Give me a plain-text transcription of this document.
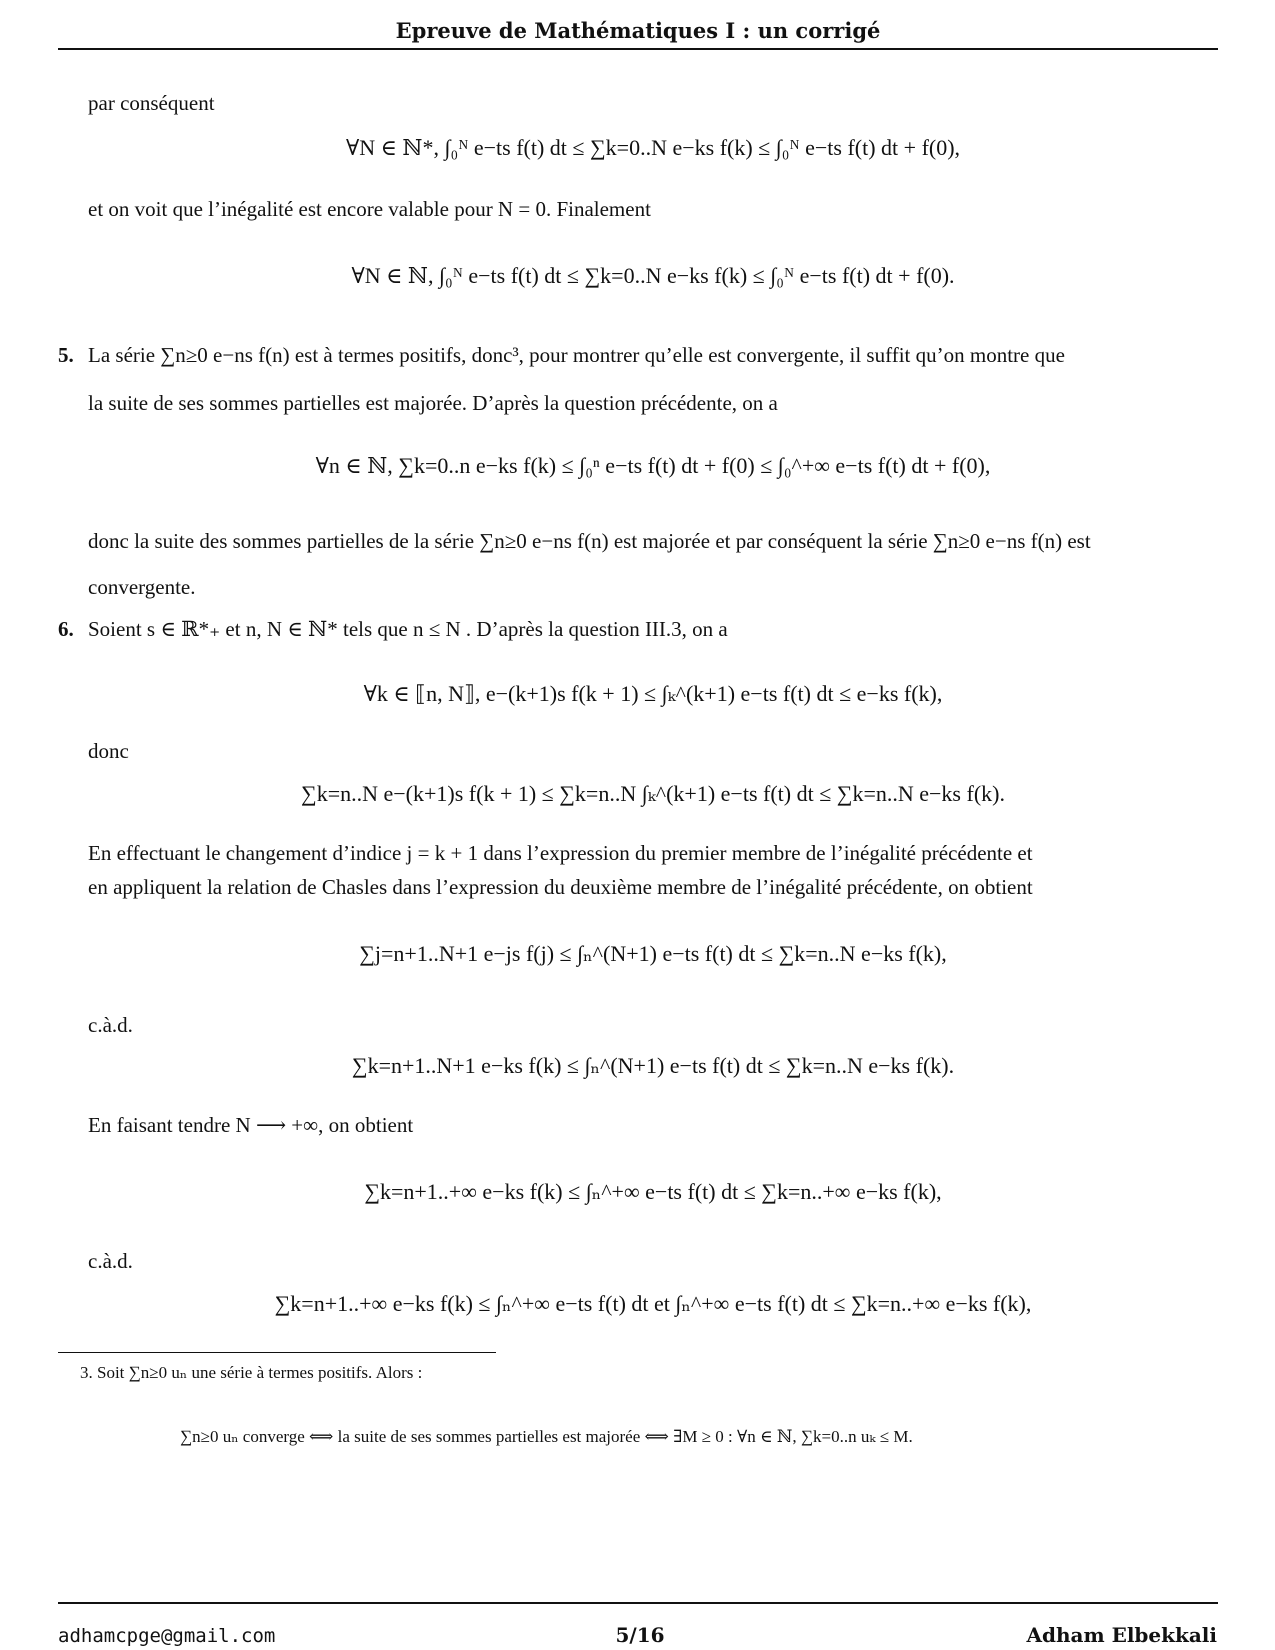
Epreuve de Mathématiques I : un corrigé
par conséquent
∀N ∈ ℕ*, ∫₀ᴺ e−ts f(t) dt ≤ ∑k=0..N e−ks f(k) ≤ ∫₀ᴺ e−ts f(t) dt + f(0),
et on voit que l’inégalité est encore valable pour N = 0. Finalement
∀N ∈ ℕ, ∫₀ᴺ e−ts f(t) dt ≤ ∑k=0..N e−ks f(k) ≤ ∫₀ᴺ e−ts f(t) dt + f(0).
5. La série ∑n≥0 e−ns f(n) est à termes positifs, donc³, pour montrer qu’elle est convergente, il suffit qu’on montre que
la suite de ses sommes partielles est majorée. D’après la question précédente, on a
∀n ∈ ℕ, ∑k=0..n e−ks f(k) ≤ ∫₀ⁿ e−ts f(t) dt + f(0) ≤ ∫₀^+∞ e−ts f(t) dt + f(0),
donc la suite des sommes partielles de la série ∑n≥0 e−ns f(n) est majorée et par conséquent la série ∑n≥0 e−ns f(n) est
convergente.
6. Soient s ∈ ℝ*₊ et n, N ∈ ℕ* tels que n ≤ N . D’après la question III.3, on a
∀k ∈ ⟦n, N⟧, e−(k+1)s f(k + 1) ≤ ∫ₖ^(k+1) e−ts f(t) dt ≤ e−ks f(k),
donc
∑k=n..N e−(k+1)s f(k + 1) ≤ ∑k=n..N ∫ₖ^(k+1) e−ts f(t) dt ≤ ∑k=n..N e−ks f(k).
En effectuant le changement d’indice j = k + 1 dans l’expression du premier membre de l’inégalité précédente et
en appliquent la relation de Chasles dans l’expression du deuxième membre de l’inégalité précédente, on obtient
∑j=n+1..N+1 e−js f(j) ≤ ∫ₙ^(N+1) e−ts f(t) dt ≤ ∑k=n..N e−ks f(k),
c.à.d.
∑k=n+1..N+1 e−ks f(k) ≤ ∫ₙ^(N+1) e−ts f(t) dt ≤ ∑k=n..N e−ks f(k).
En faisant tendre N ⟶ +∞, on obtient
∑k=n+1..+∞ e−ks f(k) ≤ ∫ₙ^+∞ e−ts f(t) dt ≤ ∑k=n..+∞ e−ks f(k),
c.à.d.
∑k=n+1..+∞ e−ks f(k) ≤ ∫ₙ^+∞ e−ts f(t) dt et ∫ₙ^+∞ e−ts f(t) dt ≤ ∑k=n..+∞ e−ks f(k),
3. Soit ∑n≥0 uₙ une série à termes positifs. Alors :
∑n≥0 uₙ converge ⟺ la suite de ses sommes partielles est majorée ⟺ ∃M ≥ 0 : ∀n ∈ ℕ, ∑k=0..n uₖ ≤ M.
adhamcpge@gmail.com	5/16	Adham Elbekkali
